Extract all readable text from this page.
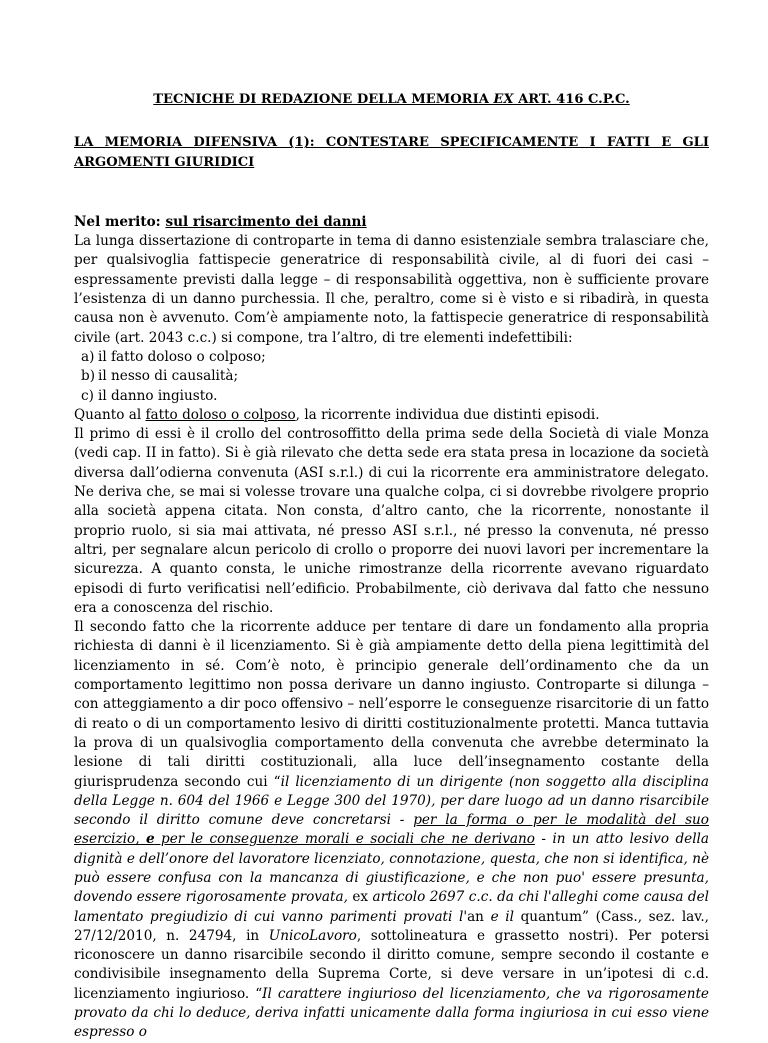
TECNICHE DI REDAZIONE DELLA MEMORIA EX ART. 416 C.P.C.

LA MEMORIA DIFENSIVA (1): CONTESTARE SPECIFICAMENTE I FATTI E GLI ARGOMENTI GIURIDICI

Nel merito: sul risarcimento dei danni

La lunga dissertazione di controparte in tema di danno esistenziale sembra tralasciare che, per qualsivoglia fattispecie generatrice di responsabilità civile, al di fuori dei casi – espressamente previsti dalla legge – di responsabilità oggettiva, non è sufficiente provare l’esistenza di un danno purchessia. Il che, peraltro, come si è visto e si ribadirà, in questa causa non è avvenuto. Com’è ampiamente noto, la fattispecie generatrice di responsabilità civile (art. 2043 c.c.) si compone, tra l’altro, di tre elementi indefettibili:

a) il fatto doloso o colposo;
b) il nesso di causalità;
c) il danno ingiusto.

Quanto al fatto doloso o colposo, la ricorrente individua due distinti episodi.

Il primo di essi è il crollo del controsoffitto della prima sede della Società di viale Monza (vedi cap. II in fatto). Si è già rilevato che detta sede era stata presa in locazione da società diversa dall’odierna convenuta (ASI s.r.l.) di cui la ricorrente era amministratore delegato. Ne deriva che, se mai si volesse trovare una qualche colpa, ci si dovrebbe rivolgere proprio alla società appena citata. Non consta, d’altro canto, che la ricorrente, nonostante il proprio ruolo, si sia mai attivata, né presso ASI s.r.l., né presso la convenuta, né presso altri, per segnalare alcun pericolo di crollo o proporre dei nuovi lavori per incrementare la sicurezza. A quanto consta, le uniche rimostranze della ricorrente avevano riguardato episodi di furto verificatisi nell’edificio. Probabilmente, ciò derivava dal fatto che nessuno era a conoscenza del rischio.

Il secondo fatto che la ricorrente adduce per tentare di dare un fondamento alla propria richiesta di danni è il licenziamento. Si è già ampiamente detto della piena legittimità del licenziamento in sé. Com’è noto, è principio generale dell’ordinamento che da un comportamento legittimo non possa derivare un danno ingiusto. Controparte si dilunga – con atteggiamento a dir poco offensivo – nell’esporre le conseguenze risarcitorie di un fatto di reato o di un comportamento lesivo di diritti costituzionalmente protetti. Manca tuttavia la prova di un qualsivoglia comportamento della convenuta che avrebbe determinato la lesione di tali diritti costituzionali, alla luce dell’insegnamento costante della giurisprudenza secondo cui “il licenziamento di un dirigente (non soggetto alla disciplina della Legge n. 604 del 1966 e Legge 300 del 1970), per dare luogo ad un danno risarcibile secondo il diritto comune deve concretarsi - per la forma o per le modalità del suo esercizio, e per le conseguenze morali e sociali che ne derivano - in un atto lesivo della dignità e dell’onore del lavoratore licenziato, connotazione, questa, che non si identifica, nè può essere confusa con la mancanza di giustificazione, e che non puo' essere presunta, dovendo essere rigorosamente provata, ex articolo 2697 c.c. da chi l'alleghi come causa del lamentato pregiudizio di cui vanno parimenti provati l'an e il quantum” (Cass., sez. lav., 27/12/2010, n. 24794, in UnicoLavoro, sottolineatura e grassetto nostri). Per potersi riconoscere un danno risarcibile secondo il diritto comune, sempre secondo il costante e condivisibile insegnamento della Suprema Corte, si deve versare in un’ipotesi di c.d. licenziamento ingiurioso. “Il carattere ingiurioso del licenziamento, che va rigorosamente provato da chi lo deduce, deriva infatti unicamente dalla forma ingiuriosa in cui esso viene espresso o
